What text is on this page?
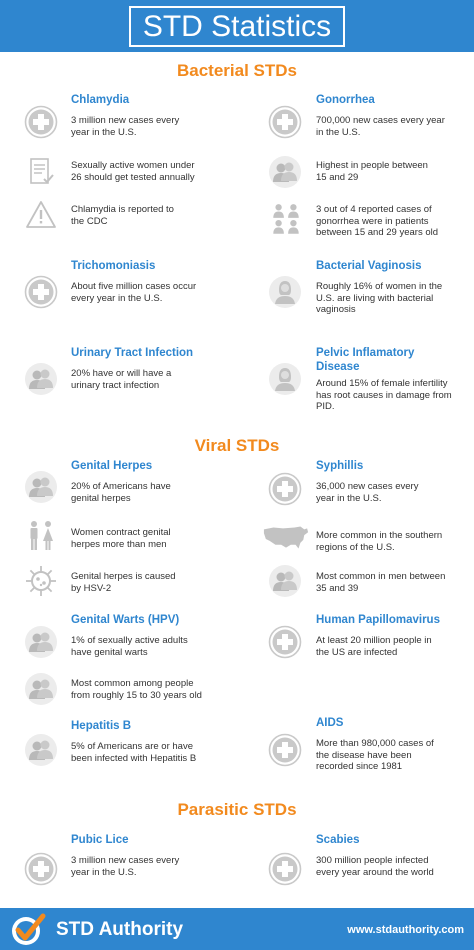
STD Statistics
Bacterial STDs
Viral STDs
Parasitic STDs
Chlamydia
3 million new cases every year in the U.S.
Sexually active women under 26 should get tested annually
Chlamydia is reported to the CDC
Trichomoniasis
About five million cases occur every year in the U.S.
Urinary Tract Infection
20% have or will have a urinary tract infection
Gonorrhea
700,000 new cases every year in the U.S.
Highest in people between 15 and 29
3 out of 4 reported cases of gonorrhea were in patients between 15 and 29 years old
Bacterial Vaginosis
Roughly 16% of women in the U.S. are living with bacterial vaginosis
Pelvic Inflamatory Disease
Around 15% of female infertility has root causes in damage from PID.
Genital Herpes
20% of Americans have genital herpes
Women contract genital herpes more than men
Genital herpes is caused by HSV-2
Genital Warts (HPV)
1% of sexually active adults have genital warts
Most common among people from roughly 15 to 30 years old
Hepatitis B
5% of Americans are or have been infected with Hepatitis B
Syphillis
36,000 new cases every year in the U.S.
More common in the southern regions of the U.S.
Most common in men between 35 and 39
Human Papillomavirus
At least 20 million people in the US are infected
AIDS
More than 980,000 cases of the disease have been recorded since 1981
Pubic Lice
3 million new cases every year in the U.S.
Scabies
300 million people infected every year around the world
STD Authority	www.stdauthority.com
